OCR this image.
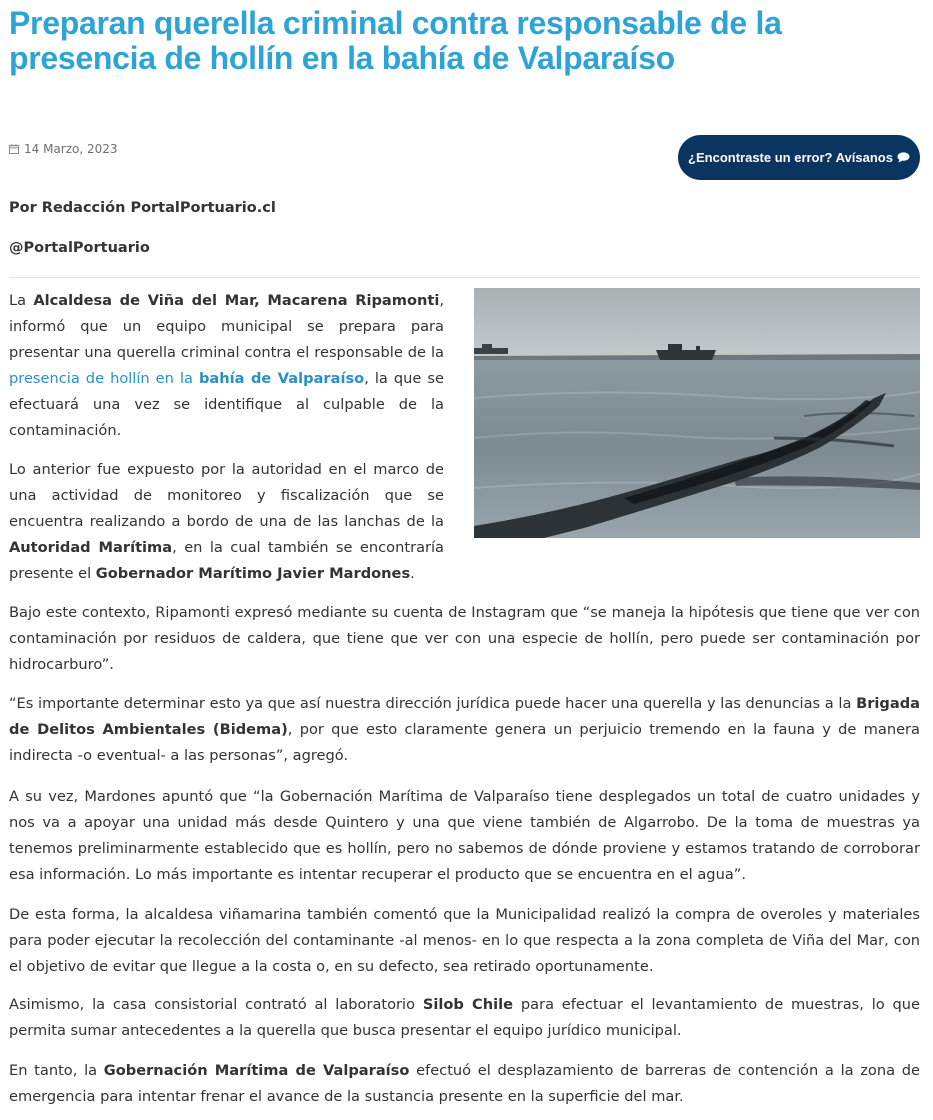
Preparan querella criminal contra responsable de la presencia de hollín en la bahía de Valparaíso
14 Marzo, 2023
¿Encontraste un error? Avísanos
Por Redacción PortalPortuario.cl
@PortalPortuario

La Alcaldesa de Viña del Mar, Macarena Ripamonti, informó que un equipo municipal se prepara para presentar una querella criminal contra el responsable de la presencia de hollín en la bahía de Valparaíso, la que se efectuará una vez se identifique al culpable de la contaminación.

Lo anterior fue expuesto por la autoridad en el marco de una actividad de monitoreo y fiscalización que se encuentra realizando a bordo de una de las lanchas de la Autoridad Marítima, en la cual también se encontraría presente el Gobernador Marítimo Javier Mardones.

Bajo este contexto, Ripamonti expresó mediante su cuenta de Instagram que “se maneja la hipótesis que tiene que ver con contaminación por residuos de caldera, que tiene que ver con una especie de hollín, pero puede ser contaminación por hidrocarburo”.

“Es importante determinar esto ya que así nuestra dirección jurídica puede hacer una querella y las denuncias a la Brigada de Delitos Ambientales (Bidema), por que esto claramente genera un perjuicio tremendo en la fauna y de manera indirecta -o eventual- a las personas”, agregó.

A su vez, Mardones apuntó que “la Gobernación Marítima de Valparaíso tiene desplegados un total de cuatro unidades y nos va a apoyar una unidad más desde Quintero y una que viene también de Algarrobo. De la toma de muestras ya tenemos preliminarmente establecido que es hollín, pero no sabemos de dónde proviene y estamos tratando de corroborar esa información. Lo más importante es intentar recuperar el producto que se encuentra en el agua”.

De esta forma, la alcaldesa viñamarina también comentó que la Municipalidad realizó la compra de overoles y materiales para poder ejecutar la recolección del contaminante -al menos- en lo que respecta a la zona completa de Viña del Mar, con el objetivo de evitar que llegue a la costa o, en su defecto, sea retirado oportunamente.

Asimismo, la casa consistorial contrató al laboratorio Silob Chile para efectuar el levantamiento de muestras, lo que permita sumar antecedentes a la querella que busca presentar el equipo jurídico municipal.

En tanto, la Gobernación Marítima de Valparaíso efectuó el desplazamiento de barreras de contención a la zona de emergencia para intentar frenar el avance de la sustancia presente en la superficie del mar.
